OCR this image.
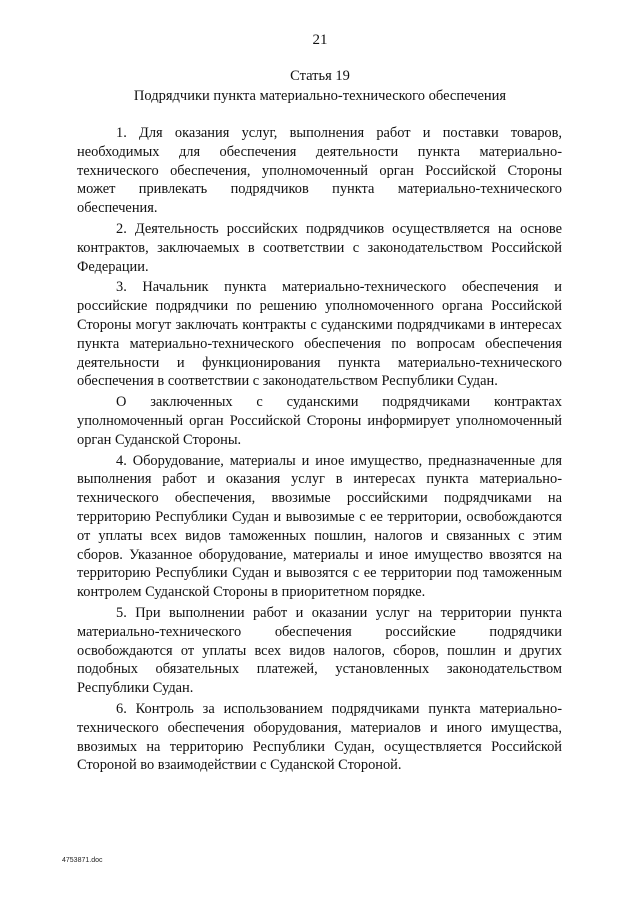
21
Статья 19
Подрядчики пункта материально-технического обеспечения

1. Для оказания услуг, выполнения работ и поставки товаров, необходимых для обеспечения деятельности пункта материально-технического обеспечения, уполномоченный орган Российской Стороны может привлекать подрядчиков пункта материально-технического обеспечения.

2. Деятельность российских подрядчиков осуществляется на основе контрактов, заключаемых в соответствии с законодательством Российской Федерации.

3. Начальник пункта материально-технического обеспечения и российские подрядчики по решению уполномоченного органа Российской Стороны могут заключать контракты с суданскими подрядчиками в интересах пункта материально-технического обеспечения по вопросам обеспечения деятельности и функционирования пункта материально-технического обеспечения в соответствии с законодательством Республики Судан.

О заключенных с суданскими подрядчиками контрактах уполномоченный орган Российской Стороны информирует уполномоченный орган Суданской Стороны.

4. Оборудование, материалы и иное имущество, предназначенные для выполнения работ и оказания услуг в интересах пункта материально-технического обеспечения, ввозимые российскими подрядчиками на территорию Республики Судан и вывозимые с ее территории, освобождаются от уплаты всех видов таможенных пошлин, налогов и связанных с этим сборов. Указанное оборудование, материалы и иное имущество ввозятся на территорию Республики Судан и вывозятся с ее территории под таможенным контролем Суданской Стороны в приоритетном порядке.

5. При выполнении работ и оказании услуг на территории пункта материально-технического обеспечения российские подрядчики освобождаются от уплаты всех видов налогов, сборов, пошлин и других подобных обязательных платежей, установленных законодательством Республики Судан.

6. Контроль за использованием подрядчиками пункта материально-технического обеспечения оборудования, материалов и иного имущества, ввозимых на территорию Республики Судан, осуществляется Российской Стороной во взаимодействии с Суданской Стороной.

4753871.doc
